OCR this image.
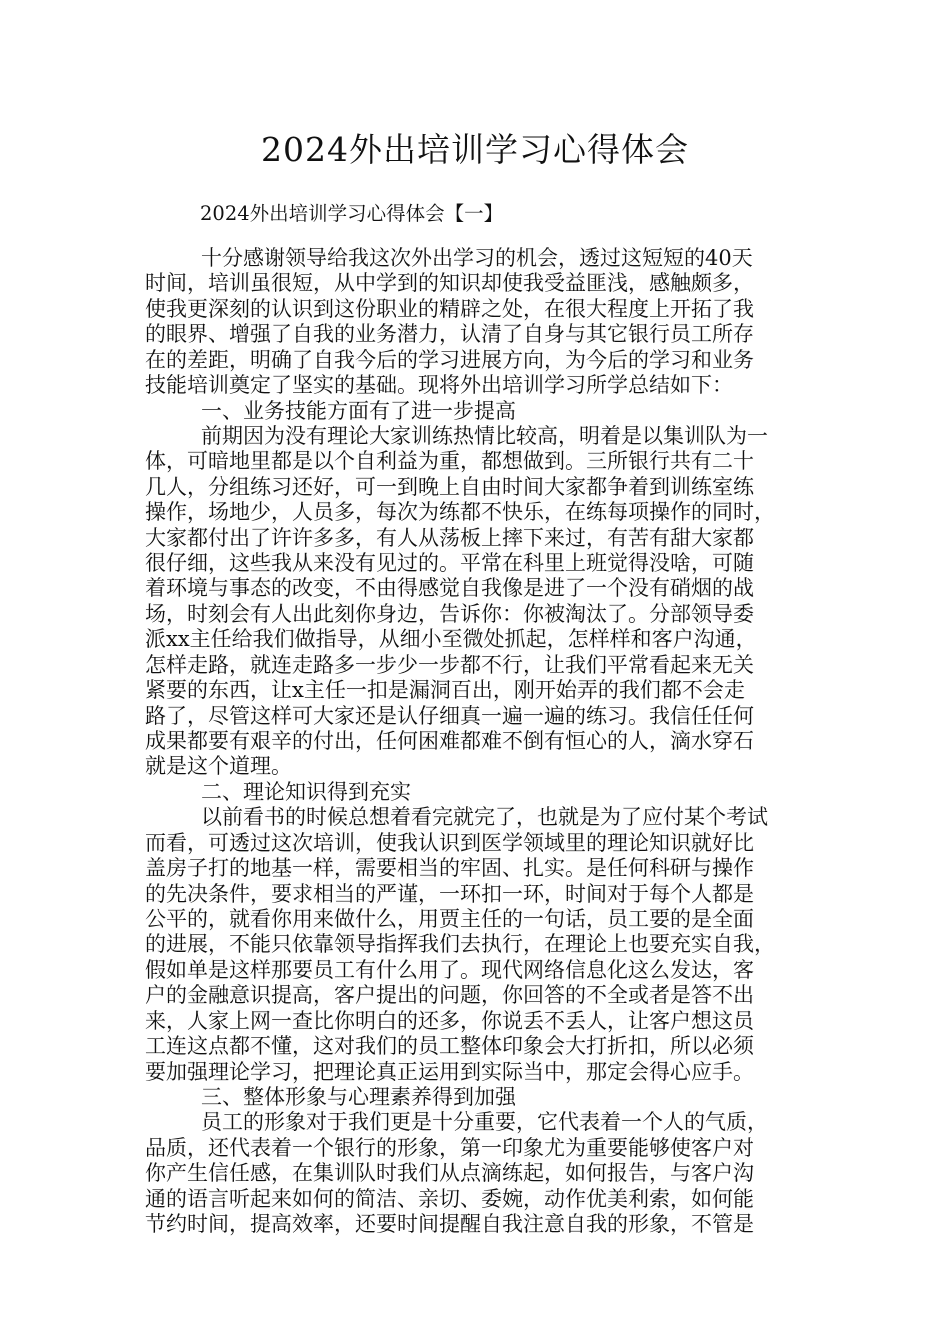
2024外出培训学习心得体会

2024外出培训学习心得体会【一】

十分感谢领导给我这次外出学习的机会，透过这短短的40天

时间，培训虽很短，从中学到的知识却使我受益匪浅，感触颇多，

使我更深刻的认识到这份职业的精辟之处，在很大程度上开拓了我

的眼界、增强了自我的业务潜力，认清了自身与其它银行员工所存

在的差距，明确了自我今后的学习进展方向，为今后的学习和业务

技能培训奠定了坚实的基础。现将外出培训学习所学总结如下：

一、业务技能方面有了进一步提高

前期因为没有理论大家训练热情比较高，明着是以集训队为一

体，可暗地里都是以个自利益为重，都想做到。三所银行共有二十

几人，分组练习还好，可一到晚上自由时间大家都争着到训练室练

操作，场地少，人员多，每次为练都不快乐，在练每项操作的同时，

大家都付出了许许多多，有人从荡板上摔下来过，有苦有甜大家都

很仔细，这些我从来没有见过的。平常在科里上班觉得没啥，可随

着环境与事态的改变，不由得感觉自我像是进了一个没有硝烟的战

场，时刻会有人出此刻你身边，告诉你：你被淘汰了。分部领导委

派xx主任给我们做指导，从细小至微处抓起，怎样样和客户沟通，

怎样走路，就连走路多一步少一步都不行，让我们平常看起来无关

紧要的东西，让x主任一扣是漏洞百出，刚开始弄的我们都不会走

路了，尽管这样可大家还是认仔细真一遍一遍的练习。我信任任何

成果都要有艰辛的付出，任何困难都难不倒有恒心的人，滴水穿石

就是这个道理。

二、理论知识得到充实

以前看书的时候总想着看完就完了，也就是为了应付某个考试

而看，可透过这次培训，使我认识到医学领域里的理论知识就好比

盖房子打的地基一样，需要相当的牢固、扎实。是任何科研与操作

的先决条件，要求相当的严谨，一环扣一环，时间对于每个人都是

公平的，就看你用来做什么，用贾主任的一句话，员工要的是全面

的进展，不能只依靠领导指挥我们去执行，在理论上也要充实自我，

假如单是这样那要员工有什么用了。现代网络信息化这么发达，客

户的金融意识提高，客户提出的问题，你回答的不全或者是答不出

来，人家上网一查比你明白的还多，你说丢不丢人，让客户想这员

工连这点都不懂，这对我们的员工整体印象会大打折扣，所以必须

要加强理论学习，把理论真正运用到实际当中，那定会得心应手。

三、整体形象与心理素养得到加强

员工的形象对于我们更是十分重要，它代表着一个人的气质，

品质，还代表着一个银行的形象，第一印象尤为重要能够使客户对

你产生信任感，在集训队时我们从点滴练起，如何报告，与客户沟

通的语言听起来如何的简洁、亲切、委婉，动作优美利索，如何能

节约时间，提高效率，还要时间提醒自我注意自我的形象，不管是
